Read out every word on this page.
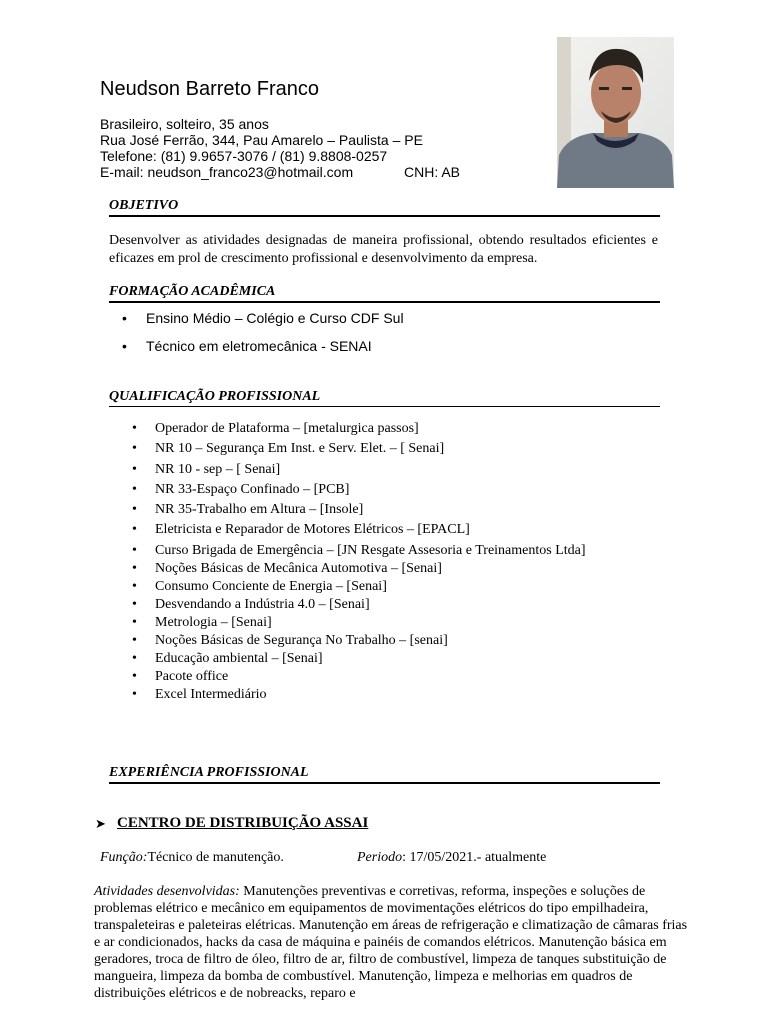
Neudson Barreto Franco
Brasileiro, solteiro, 35 anos
Rua José Ferrão, 344, Pau Amarelo – Paulista – PE
Telefone: (81) 9.9657-3076 / (81) 9.8808-0257
E-mail: neudson_franco23@hotmail.com	CNH: AB
OBJETIVO
Desenvolver as atividades designadas de maneira profissional, obtendo resultados eficientes e eficazes em prol de crescimento profissional e desenvolvimento da empresa.
FORMAÇÃO ACADÊMICA
• Ensino Médio – Colégio e Curso CDF Sul
• Técnico em eletromecânica - SENAI
QUALIFICAÇÃO PROFISSIONAL
• Operador de Plataforma – [metalurgica passos]
• NR 10 – Segurança Em Inst. e Serv. Elet. – [ Senai]
• NR 10 - sep – [ Senai]
• NR 33-Espaço Confinado – [PCB]
• NR 35-Trabalho em Altura – [Insole]
• Eletricista e Reparador de Motores Elétricos – [EPACL]
• Curso Brigada de Emergência – [JN Resgate Assesoria e Treinamentos Ltda]
• Noções Básicas de Mecânica Automotiva – [Senai]
• Consumo Conciente de Energia – [Senai]
• Desvendando a Indústria 4.0 – [Senai]
• Metrologia – [Senai]
• Noções Básicas de Segurança No Trabalho – [senai]
• Educação ambiental – [Senai]
• Pacote office
• Excel Intermediário
EXPERIÊNCIA PROFISSIONAL
➤ CENTRO DE DISTRIBUIÇÃO ASSAI
Função:Técnico de manutenção.	Periodo: 17/05/2021.- atualmente
Atividades desenvolvidas: Manutenções preventivas e corretivas, reforma, inspeções e soluções de problemas elétrico e mecânico em equipamentos de movimentações elétricos do tipo empilhadeira, transpaleteiras e paleteiras elétricas. Manutenção em áreas de refrigeração e climatização de câmaras frias e ar condicionados, hacks da casa de máquina e painéis de comandos elétricos. Manutenção básica em geradores, troca de filtro de óleo, filtro de ar, filtro de combustível, limpeza de tanques substituição de mangueira, limpeza da bomba de combustível. Manutenção, limpeza e melhorias em quadros de distribuições elétricos e de nobreacks, reparo e
